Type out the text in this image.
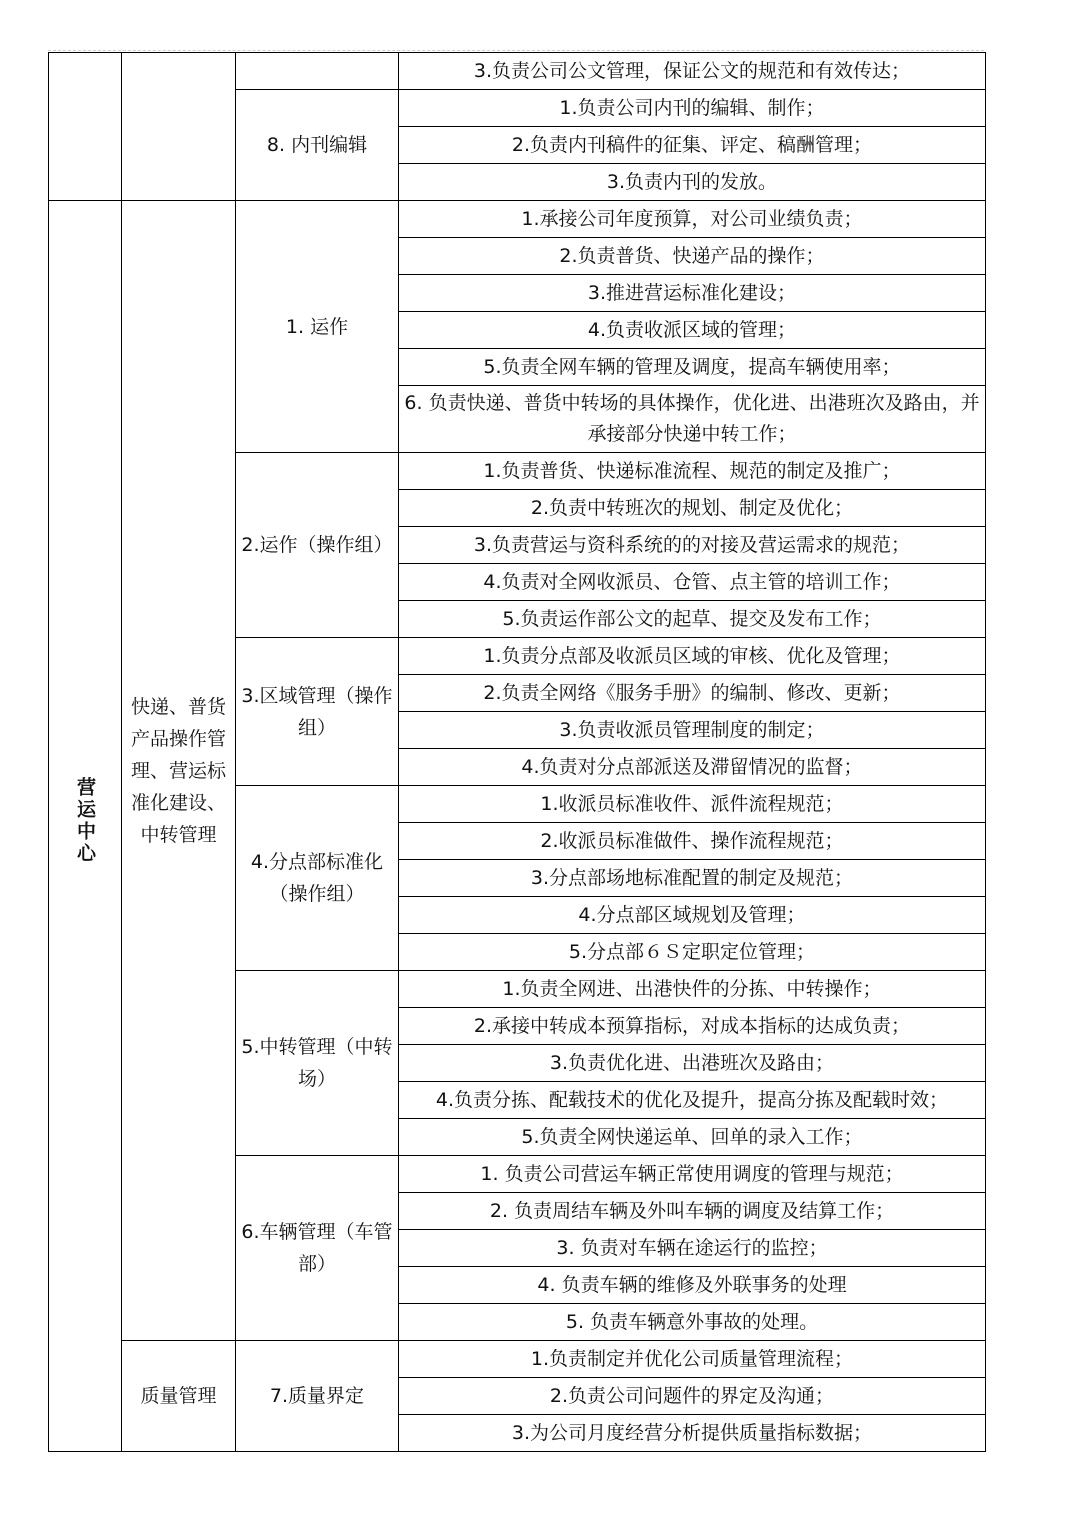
			3.负责公司公文管理，保证公文的规范和有效传达；
		8. 内刊编辑	1.负责公司内刊的编辑、制作；
			2.负责内刊稿件的征集、评定、稿酬管理；
			3.负责内刊的发放。
营运中心	快递、普货产品操作管理、营运标准化建设、中转管理	1. 运作	1.承接公司年度预算，对公司业绩负责；
			2.负责普货、快递产品的操作；
			3.推进营运标准化建设；
			4.负责收派区域的管理；
			5.负责全网车辆的管理及调度，提高车辆使用率；
			6. 负责快递、普货中转场的具体操作，优化进、出港班次及路由，并承接部分快递中转工作；
		2.运作（操作组）	1.负责普货、快递标准流程、规范的制定及推广；
			2.负责中转班次的规划、制定及优化；
			3.负责营运与资科系统的的对接及营运需求的规范；
			4.负责对全网收派员、仓管、点主管的培训工作；
			5.负责运作部公文的起草、提交及发布工作；
		3.区域管理（操作组）	1.负责分点部及收派员区域的审核、优化及管理；
			2.负责全网络《服务手册》的编制、修改、更新；
			3.负责收派员管理制度的制定；
			4.负责对分点部派送及滞留情况的监督；
		4.分点部标准化（操作组）	1.收派员标准收件、派件流程规范；
			2.收派员标准做件、操作流程规范；
			3.分点部场地标准配置的制定及规范；
			4.分点部区域规划及管理；
			5.分点部６Ｓ定职定位管理；
		5.中转管理（中转场）	1.负责全网进、出港快件的分拣、中转操作；
			2.承接中转成本预算指标，对成本指标的达成负责；
			3.负责优化进、出港班次及路由；
			4.负责分拣、配载技术的优化及提升，提高分拣及配载时效；
			5.负责全网快递运单、回单的录入工作；
		6.车辆管理（车管部）	1. 负责公司营运车辆正常使用调度的管理与规范；
			2. 负责周结车辆及外叫车辆的调度及结算工作；
			3. 负责对车辆在途运行的监控；
			4. 负责车辆的维修及外联事务的处理
			5. 负责车辆意外事故的处理。
	质量管理	7.质量界定	1.负责制定并优化公司质量管理流程；
			2.负责公司问题件的界定及沟通；
			3.为公司月度经营分析提供质量指标数据；
